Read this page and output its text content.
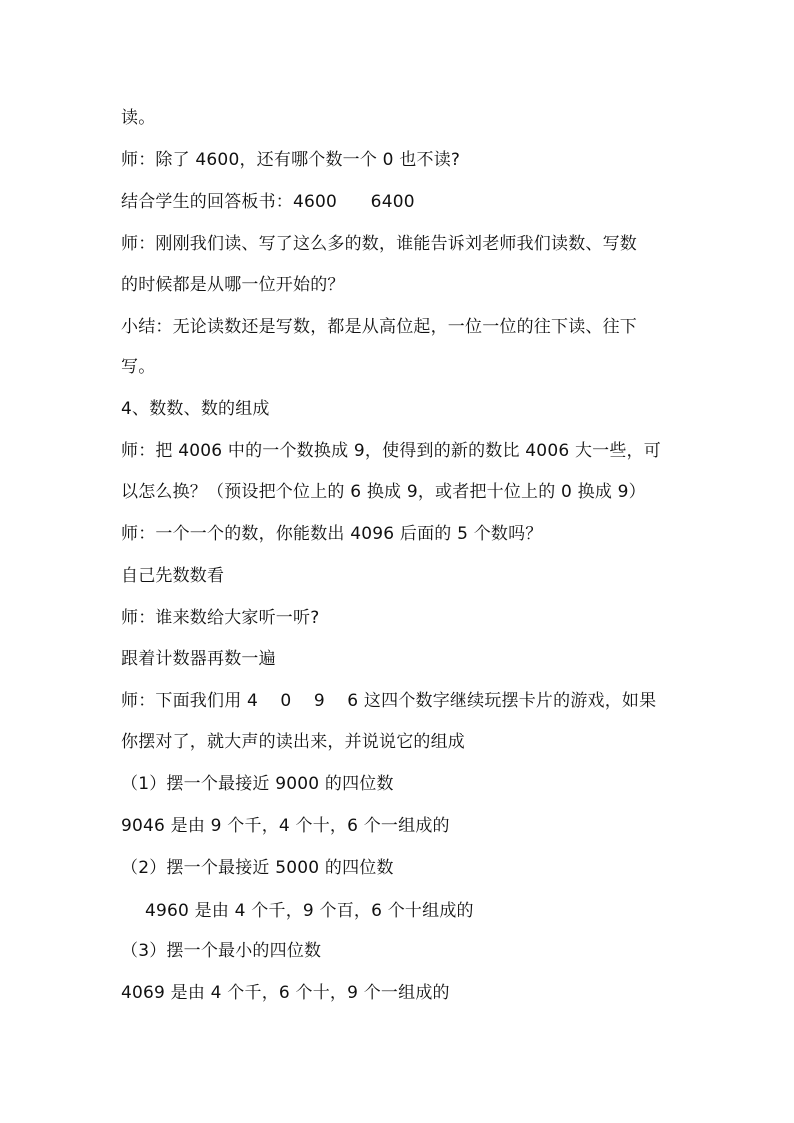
读。
师：除了 4600，还有哪个数一个 0 也不读?
结合学生的回答板书：4600      6400
师：刚刚我们读、写了这么多的数，谁能告诉刘老师我们读数、写数
的时候都是从哪一位开始的？
小结：无论读数还是写数，都是从高位起，一位一位的往下读、往下
写。
4、数数、数的组成
师：把 4006 中的一个数换成 9，使得到的新的数比 4006 大一些，可
以怎么换？（预设把个位上的 6 换成 9，或者把十位上的 0 换成 9）
师：一个一个的数，你能数出 4096 后面的 5 个数吗？
自己先数数看
师：谁来数给大家听一听?
跟着计数器再数一遍
师：下面我们用 4    0    9    6 这四个数字继续玩摆卡片的游戏，如果
你摆对了，就大声的读出来，并说说它的组成
（1）摆一个最接近 9000 的四位数
9046 是由 9 个千，4 个十，6 个一组成的
（2）摆一个最接近 5000 的四位数
4960 是由 4 个千，9 个百，6 个十组成的
（3）摆一个最小的四位数
4069 是由 4 个千，6 个十，9 个一组成的
